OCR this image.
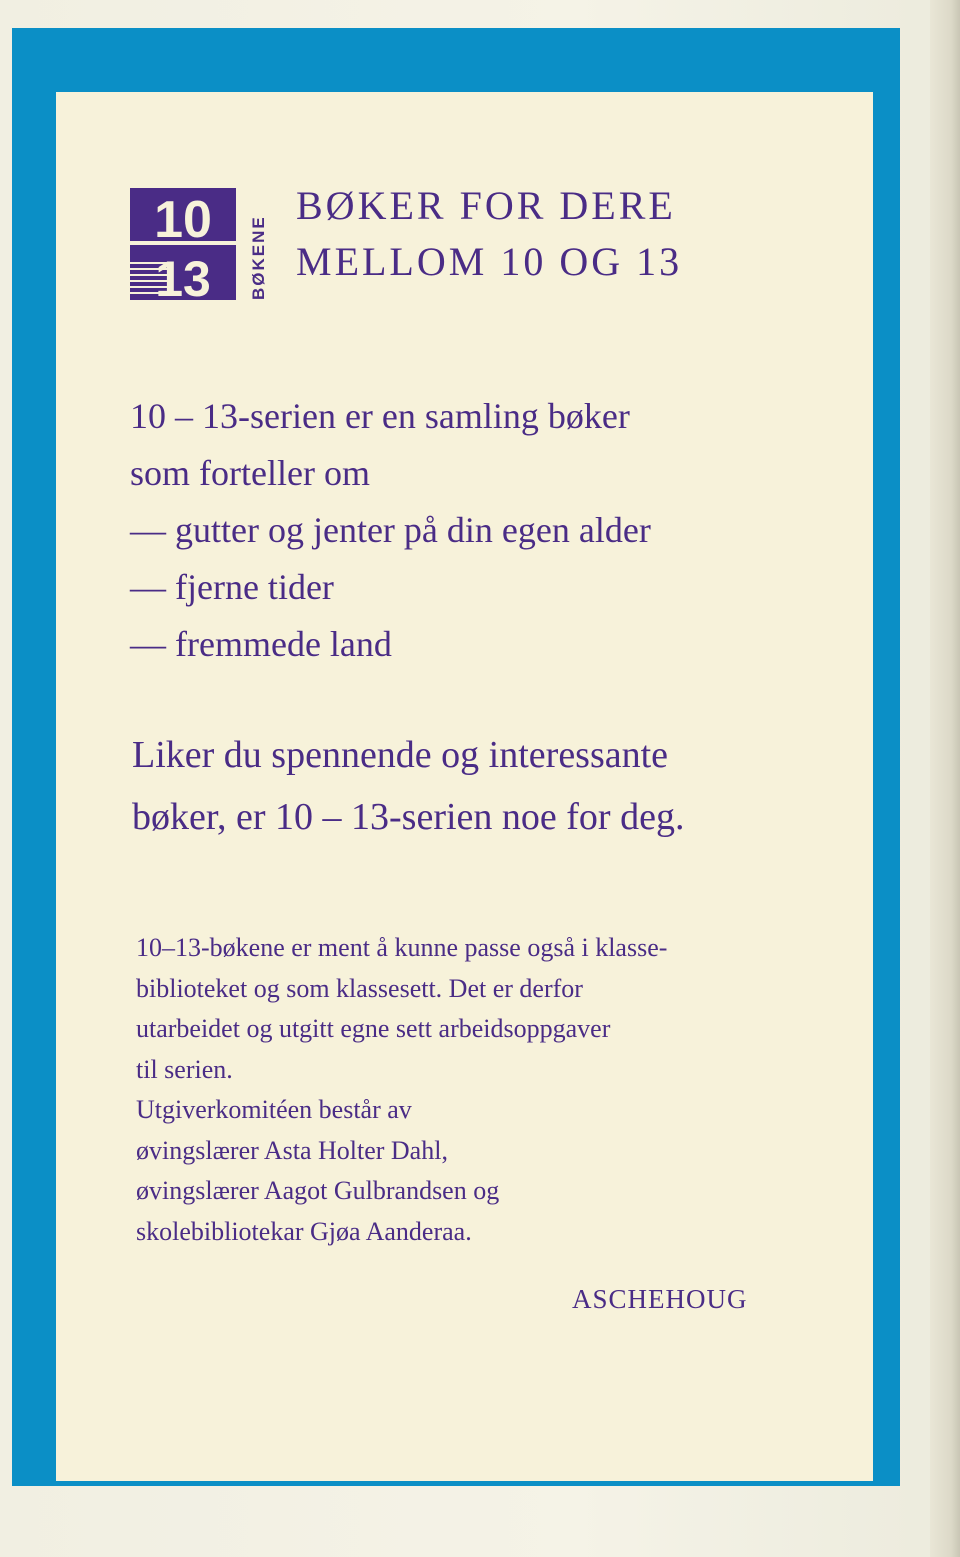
10
13 BØKENE
BØKER FOR DERE
MELLOM 10 OG 13
10 – 13-serien er en samling bøker
som forteller om
— gutter og jenter på din egen alder
— fjerne tider
— fremmede land
Liker du spennende og interessante
bøker, er 10 – 13-serien noe for deg.
10–13-bøkene er ment å kunne passe også i klasse-
biblioteket og som klassesett. Det er derfor
utarbeidet og utgitt egne sett arbeidsoppgaver
til serien.
Utgiverkomitéen består av
øvingslærer Asta Holter Dahl,
øvingslærer Aagot Gulbrandsen og
skolebibliotekar Gjøa Aanderaa.
ASCHEHOUG
